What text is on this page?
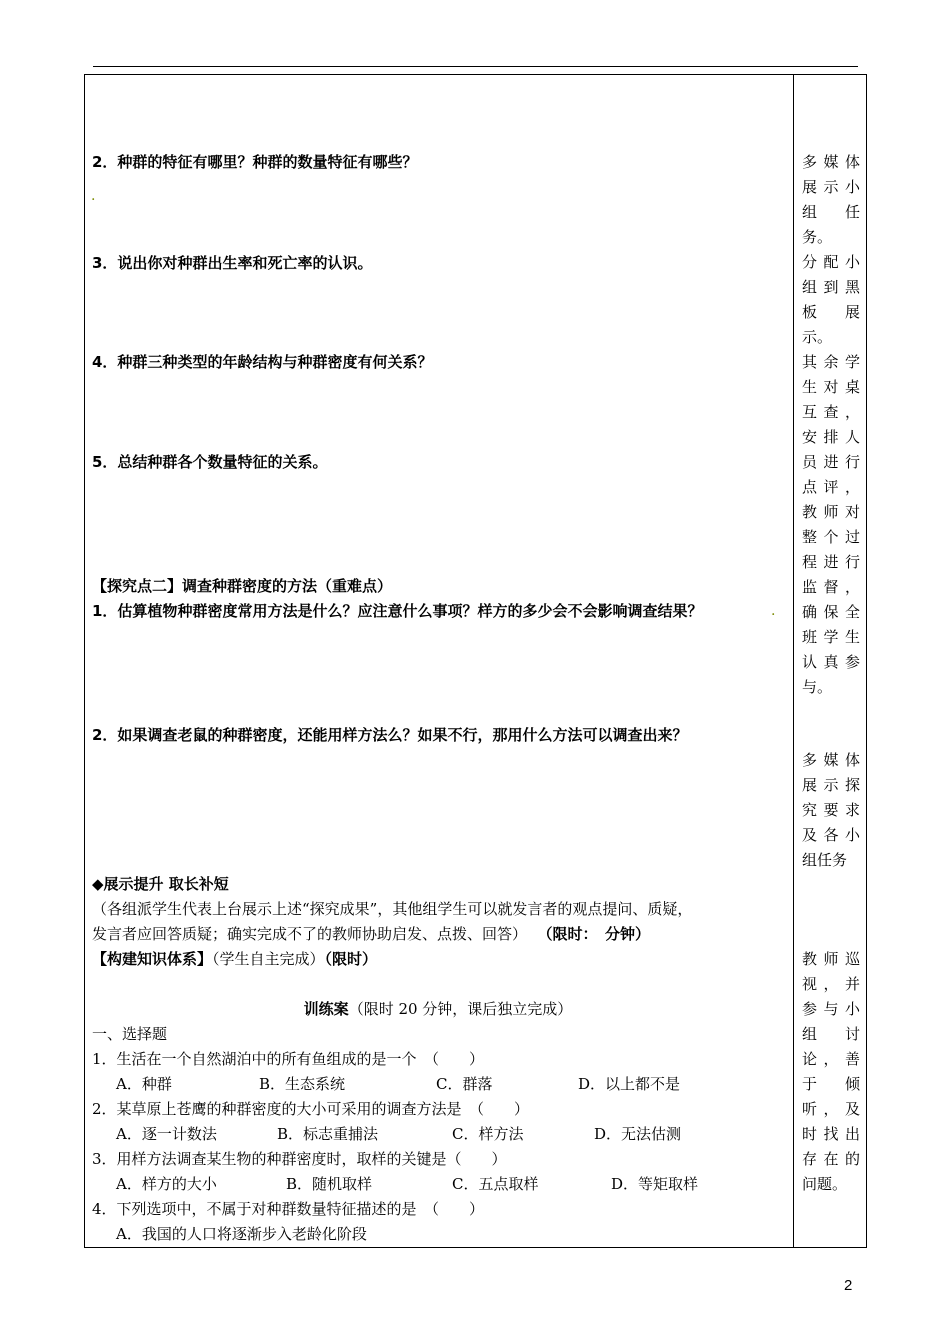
2．种群的特征有哪里？种群的数量特征有哪些？
.
3．说出你对种群出生率和死亡率的认识。
4．种群三种类型的年龄结构与种群密度有何关系？
5．总结种群各个数量特征的关系。
【探究点二】调查种群密度的方法（重难点）
1．估算植物种群密度常用方法是什么？应注意什么事项？样方的多少会不会影响调查结果？	.
2．如果调查老鼠的种群密度，还能用样方法么？如果不行，那用什么方法可以调查出来？
◆展示提升 取长补短
（各组派学生代表上台展示上述“探究成果”，其他组学生可以就发言者的观点提问、质疑，
发言者应回答质疑；确实完成不了的教师协助启发、点拨、回答） （限时：　分钟）
【构建知识体系】（学生自主完成）（限时）
训练案（限时 20 分钟，课后独立完成）
一、选择题
1．生活在一个自然湖泊中的所有鱼组成的是一个　（　　）
A．种群	B．生态系统	C．群落	D．以上都不是
2．某草原上苍鹰的种群密度的大小可采用的调查方法是　（　　）
A．逐一计数法	B．标志重捕法	C．样方法	D．无法估测
3．用样方法调查某生物的种群密度时，取样的关键是（　　）
A．样方的大小	B．随机取样	C．五点取样	D．等矩取样
4．下列选项中，不属于对种群数量特征描述的是　（　　）
A．我国的人口将逐渐步入老龄化阶段
多媒体
展示小
组　任
务。
分配小
组到黑
板　展
示。
其余学
生对桌
互查，
安排人
员进行
点评，
教师对
整个过
程进行
监督，
确保全
班学生
认真参
与。
多媒体
展示探
究要求
及各小
组任务
教师巡
视，并
参与小
组　讨
论，善
于　倾
听，及
时找出
存在的
问题。
2
